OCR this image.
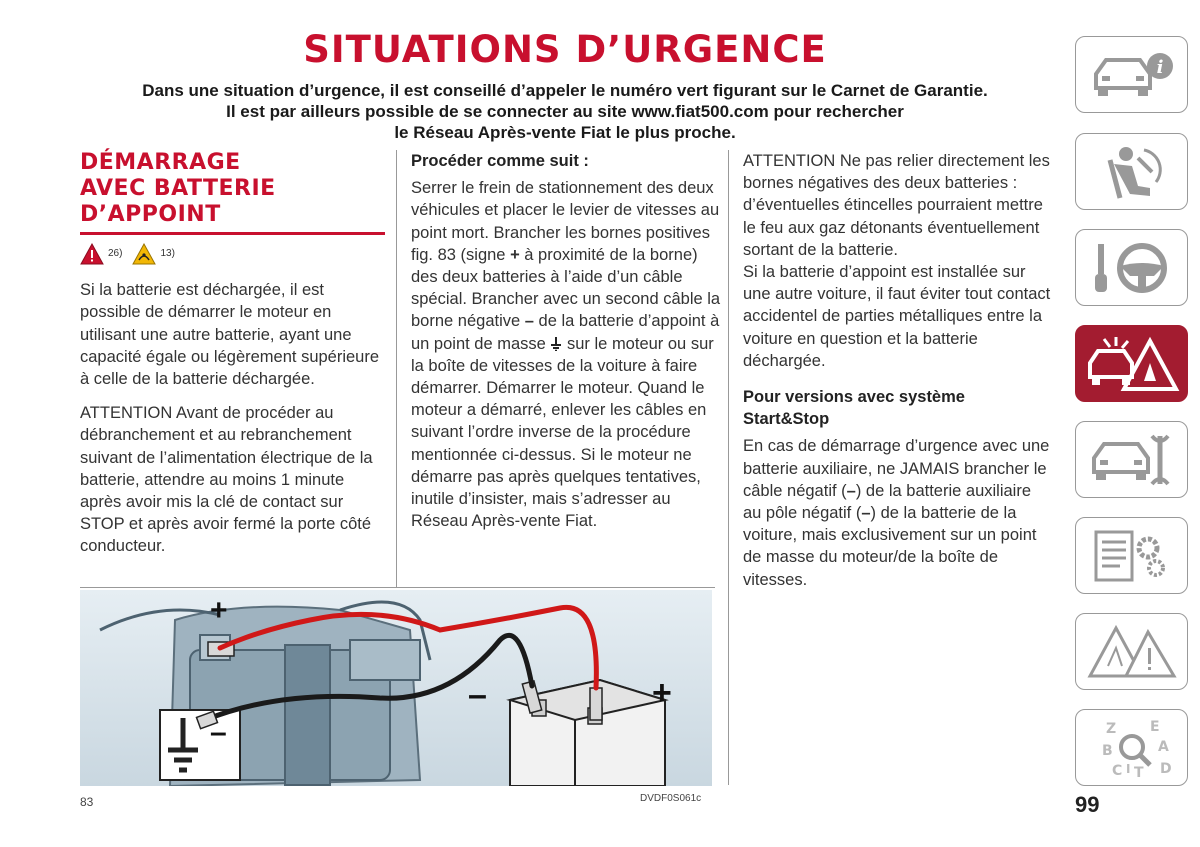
SITUATIONS D’URGENCE
Dans une situation d’urgence, il est conseillé d’appeler le numéro vert figurant sur le Carnet de Garantie.
Il est par ailleurs possible de se connecter au site www.fiat500.com pour rechercher
le Réseau Après-vente Fiat le plus proche.
DÉMARRAGE
AVEC BATTERIE
D’APPOINT
26)	13)

Si la batterie est déchargée, il est possible de démarrer le moteur en utilisant une autre batterie, ayant une capacité égale ou légèrement supérieure à celle de la batterie déchargée.

ATTENTION Avant de procéder au débranchement et au rebranchement suivant de l’alimentation électrique de la batterie, attendre au moins 1 minute après avoir mis la clé de contact sur STOP et après avoir fermé la porte côté conducteur.

Procéder comme suit :

Serrer le frein de stationnement des deux véhicules et placer le levier de vitesses au point mort. Brancher les bornes positives fig. 83 (signe + à proximité de la borne) des deux batteries à l’aide d’un câble spécial. Brancher avec un second câble la borne négative – de la batterie d’appoint à un point de masse  sur le moteur ou sur la boîte de vitesses de la voiture à faire démarrer. Démarrer le moteur. Quand le moteur a démarré, enlever les câbles en suivant l’ordre inverse de la procédure mentionnée ci-dessus. Si le moteur ne démarre pas après quelques tentatives, inutile d’insister, mais s’adresser au Réseau Après-vente Fiat.

ATTENTION Ne pas relier directement les bornes négatives des deux batteries : d’éventuelles étincelles pourraient mettre le feu aux gaz détonants éventuellement sortant de la batterie.

Si la batterie d’appoint est installée sur une autre voiture, il faut éviter tout contact accidentel de parties métalliques entre la voiture en question et la batterie déchargée.

Pour versions avec système Start&Stop

En cas de démarrage d’urgence avec une batterie auxiliaire, ne JAMAIS brancher le câble négatif (–) de la batterie auxiliaire au pôle négatif (–) de la batterie de la voiture, mais exclusivement sur un point de masse du moteur/de la boîte de vitesses.

+
–
–	+
83	DVDF0S061c
i
Z E
B	A
C	D
I T
99
